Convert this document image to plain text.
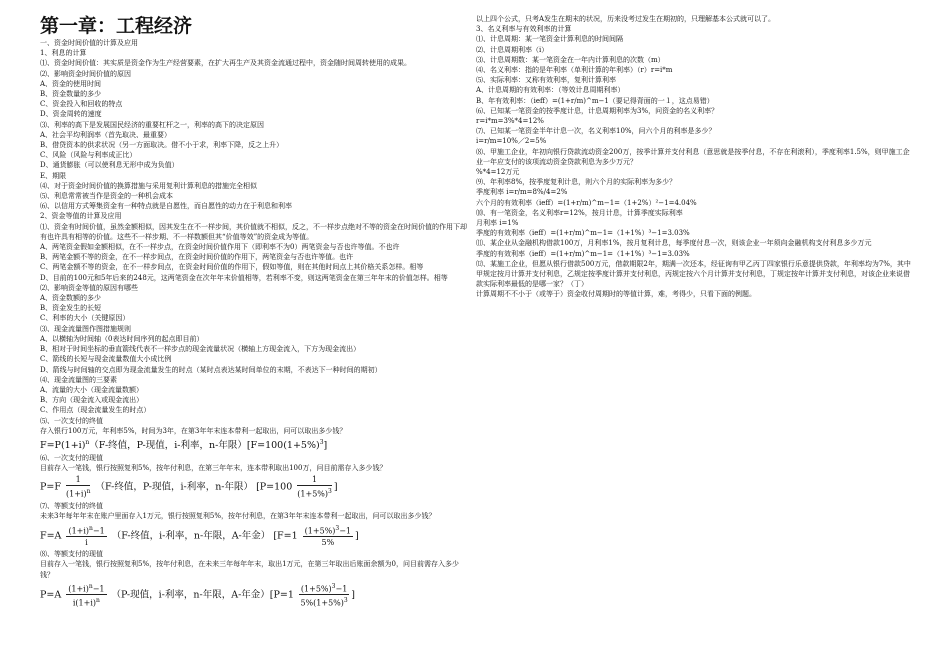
第一章：工程经济
一、资金时间价值的计算及应用
1、利息的计算
⑴、资金时间价值：其实质是资金作为生产经营要素，在扩大再生产及其资金流通过程中，资金随时间周转使用的成果。
⑵、影响资金时间价值的原因
A、资金的使用时间
B、资金数量的多少
C、资金投入和回收的特点
D、资金周转的速度
⑶、利率的高下是发展国民经济的重要杠杆之一，利率的高下的决定原因
A、社会平均利润率（首先取决、最重要）
B、借贷资本的供求状况（另一方面取决。借不小于求，利率下降，反之上升）
C、风险（风险与利率成正比）
D、通货膨胀（可以使利息无形中成为负值）
E、期限
⑷、对于资金时间价值的换算措施与采用复利计算利息的措施完全相似
⑸、利息常常被当作是资金的一种机会成本
⑹、以信用方式筹集资金有一种特点就是自愿性，而自愿性的动力在于利息和利率
2、资金等值的计算及应用
⑴、资金有时间价值，虽然金额相似，因其发生在不一样步间，其价值就不相似，反之，不一样步点绝对不等的资金在时间价值的作用下却有也许具有相等的价值。这些不一样步期、不一样数额但其“价值等效”的资金成为等值。
A、两笔资金假如金额相似，在不一样步点，在资金时间价值作用下（即利率不为0）两笔资金与否也许等值。不也许
B、两笔金额不等的资金，在不一样步间点，在资金时间价值的作用下，两笔资金与否也许等值。也许
C、两笔金额不等的资金，在不一样步间点，在资金时间价值的作用下，假如等值，则在其他时间点上其价格关系怎样。相等
D、目前的100元和5年后来的248元，这两笔资金在次年年末价值相等，若利率不变，则这两笔资金在第三年年末的价值怎样。相等
⑵、影响资金等值的原因有哪些
A、资金数额的多少
B、资金发生的长短
C、利率的大小（关键原因）
⑶、现金流量图作图措施规则
A、以横轴为时间轴（0表达时间序列的起点即目前）
B、相对于时间坐标的垂直箭线代表不一样步点的现金流量状况（横轴上方现金流入，下方为现金流出）
C、箭线的长短与现金流量数值大小成比例
D、箭线与时间轴的交点即为现金流量发生的时点（某时点表达某时间单位的末期，不表达下一种时间的期初）
⑷、现金流量图的三要素
A、流量的大小（现金流量数额）
B、方向（现金流入或现金流出）
C、作用点（现金流量发生的时点）
⑸、一次支付的终值
存入银行100万元，年利率5%，时间为3年，在第3年年末连本带利一起取出，问可以取出多少钱？
$F=P(1+i)^n(F-$终值，P-现值，i-利率，n-年限）$[F=100(1+5\%)^3]$
⑹、一次支付的现值
目前存入一笔钱，银行按照复利5%，按年付利息，在第三年年末，连本带利取出100万，问目前需存入多少钱？
$P=F \frac{1}{(1+i)^n} (F-$终值，P-现值，i-利率，n-年限） [$P=100 \frac{1}{(1+5\%)^3}$ ]
⑺、等额支付的终值
未来3年每年年末在账户里面存入1万元，银行按照复利5%，按年付利息，在第3年年末连本带利一起取出，问可以取出多少钱？
$F=A \frac{(1+i)^n-1}{i} (F-$终值，i-利率，n-年限，A-年金） [$F=1 \frac{(1+5\%)^3-1}{5\%}$ ]
⑻、等额支付的现值
目前存入一笔钱，银行按照复利5%，按年付利息，在未来三年每年年末，取出1万元，在第三年取出后账面余额为0，问目前需存入多少钱？
$P=A \frac{(1+i)^n-1}{i(1+i)^n} (P-$现值，i-利率，n-年限，A-年金）[$P=1 \frac{(1+5\%)^3-1}{5\%(1+5\%)^3}$ ]
以上四个公式，只考A发生在期末的状况，历来没考过发生在期初的，只理解基本公式就可以了。
3、名义利率与有效利率的计算
⑴、计息周期：某一笔资金计算利息的时间间隔
⑵、计息周期利率（i）
⑶、计息周期数：某一笔资金在一年内计算利息的次数（m）
⑷、名义利率：指的是年利率（单利计算的年利率）（r）r=i*m
⑸、实际利率：又称有效利率，复利计算利率
A、计息周期的有效利率：（等效计息周期利率）
B、年有效利率：（ieff）=(1+r/m)^m−1（要记得背面的一１，这点易错）
⑹、已知某一笔资金的按季度计息，计息周期利率为3%，问资金的名义利率？
r=i*m=3%*4=12%
⑺、已知某一笔资金半年计息一次，名义利率10%，问六个月的利率是多少？
i=r/m=10%／2=5%
⑻、甲施工企业，年初向银行贷款流动资金200万，按季计算并支付利息（意思就是按季付息，不存在利滚利），季度利率1.5%，则甲施工企业一年应支付的该项流动资金贷款利息为多少万元？
%*4=12万元
⑼、年利率8%，按季度复利计息，则六个月的实际利率为多少？
季度利率 i=r/m=8%/4=2%
六个月的有效利率（ieff）=(1+r/m)^m−1=（1+2%）²−1=4.04%
⑽、有一笔资金，名义利率r=12%，按月计息，计算季度实际利率
月利率 i=1%
季度的有效利率（ieff）=(1+r/m)^m−1=（1+1%）³−1=3.03%
⑾、某企业从金融机构借款100万，月利率1%，按月复利计息，每季度付息一次，则该企业一年须向金融机构支付利息多少万元
季度的有效利率（ieff）=(1+r/m)^m−1=（1+1%）³−1=3.03%
⑿、某施工企业，但愿从银行借款500万元，借款期限2年，期满一次还本，经征询有甲乙丙丁四家银行乐意提供贷款，年利率均为7%，其中甲规定按月计算并支付利息，乙规定按季度计算并支付利息，丙规定按六个月计算并支付利息，丁规定按年计算并支付利息，对该企业来说借款实际利率最低的是哪一家？（丁）
计算周期不不小于（或等于）资金收付周期时的等值计算，难，考得少，只看下面的例题。
